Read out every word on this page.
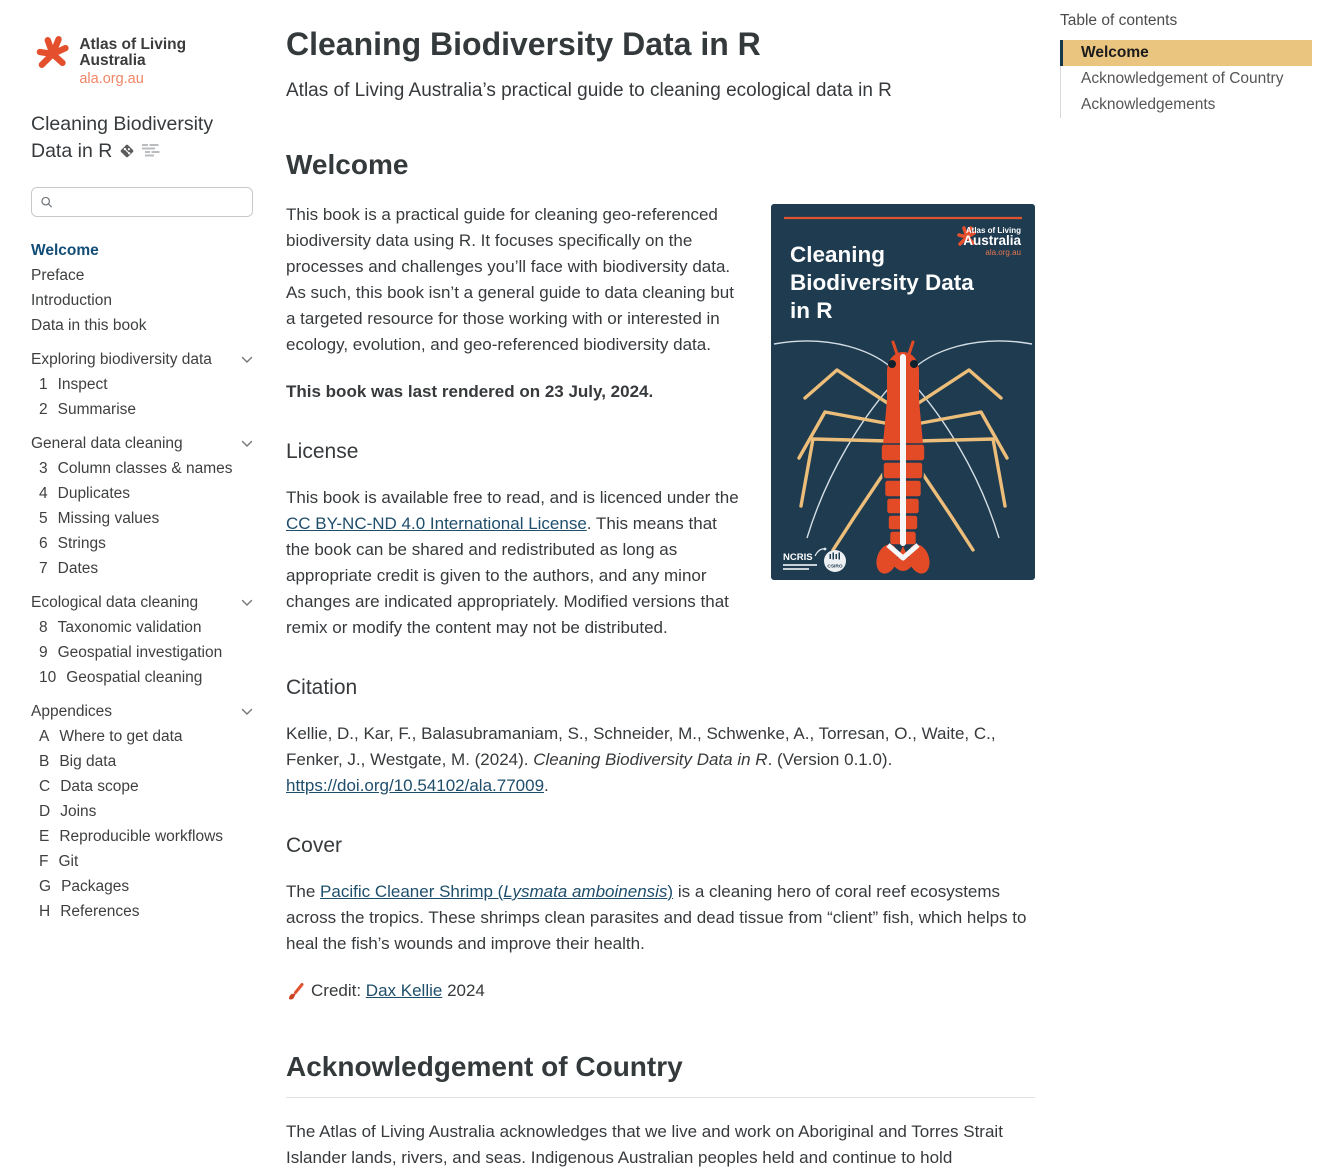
Atlas of Living Australia
ala.org.au
Cleaning Biodiversity Data in R
Welcome
Preface
Introduction
Data in this book
Exploring biodiversity data
1 Inspect
2 Summarise
General data cleaning
3 Column classes & names
4 Duplicates
5 Missing values
6 Strings
7 Dates
Ecological data cleaning
8 Taxonomic validation
9 Geospatial investigation
10 Geospatial cleaning
Appendices
A Where to get data
B Big data
C Data scope
D Joins
E Reproducible workflows
F Git
G Packages
H References
Cleaning Biodiversity Data in R
Atlas of Living Australia’s practical guide to cleaning ecological data in R
Welcome
Atlas of Living
Australia
ala.org.au
Cleaning
Biodiversity Data
in R
NCRIS
CSIRO

This book is a practical guide for cleaning geo-referenced biodiversity data using R. It focuses specifically on the processes and challenges you’ll face with biodiversity data. As such, this book isn’t a general guide to data cleaning but a targeted resource for those working with or interested in ecology, evolution, and geo-referenced biodiversity data.

This book was last rendered on 23 July, 2024.

License

This book is available free to read, and is licenced under the CC BY-NC-ND 4.0 International License. This means that the book can be shared and redistributed as long as appropriate credit is given to the authors, and any minor changes are indicated appropriately. Modified versions that remix or modify the content may not be distributed.

Citation

Kellie, D., Kar, F., Balasubramaniam, S., Schneider, M., Schwenke, A., Torresan, O., Waite, C., Fenker, J., Westgate, M. (2024). Cleaning Biodiversity Data in R. (Version 0.1.0). https://doi.org/10.54102/ala.77009.

Cover

The Pacific Cleaner Shrimp (Lysmata amboinensis) is a cleaning hero of coral reef ecosystems across the tropics. These shrimps clean parasites and dead tissue from “client” fish, which helps to heal the fish’s wounds and improve their health.

Credit: Dax Kellie 2024

Acknowledgement of Country

The Atlas of Living Australia acknowledges that we live and work on Aboriginal and Torres Strait Islander lands, rivers, and seas. Indigenous Australian peoples held and continue to hold

Table of contents
Welcome
Acknowledgement of Country
Acknowledgements
